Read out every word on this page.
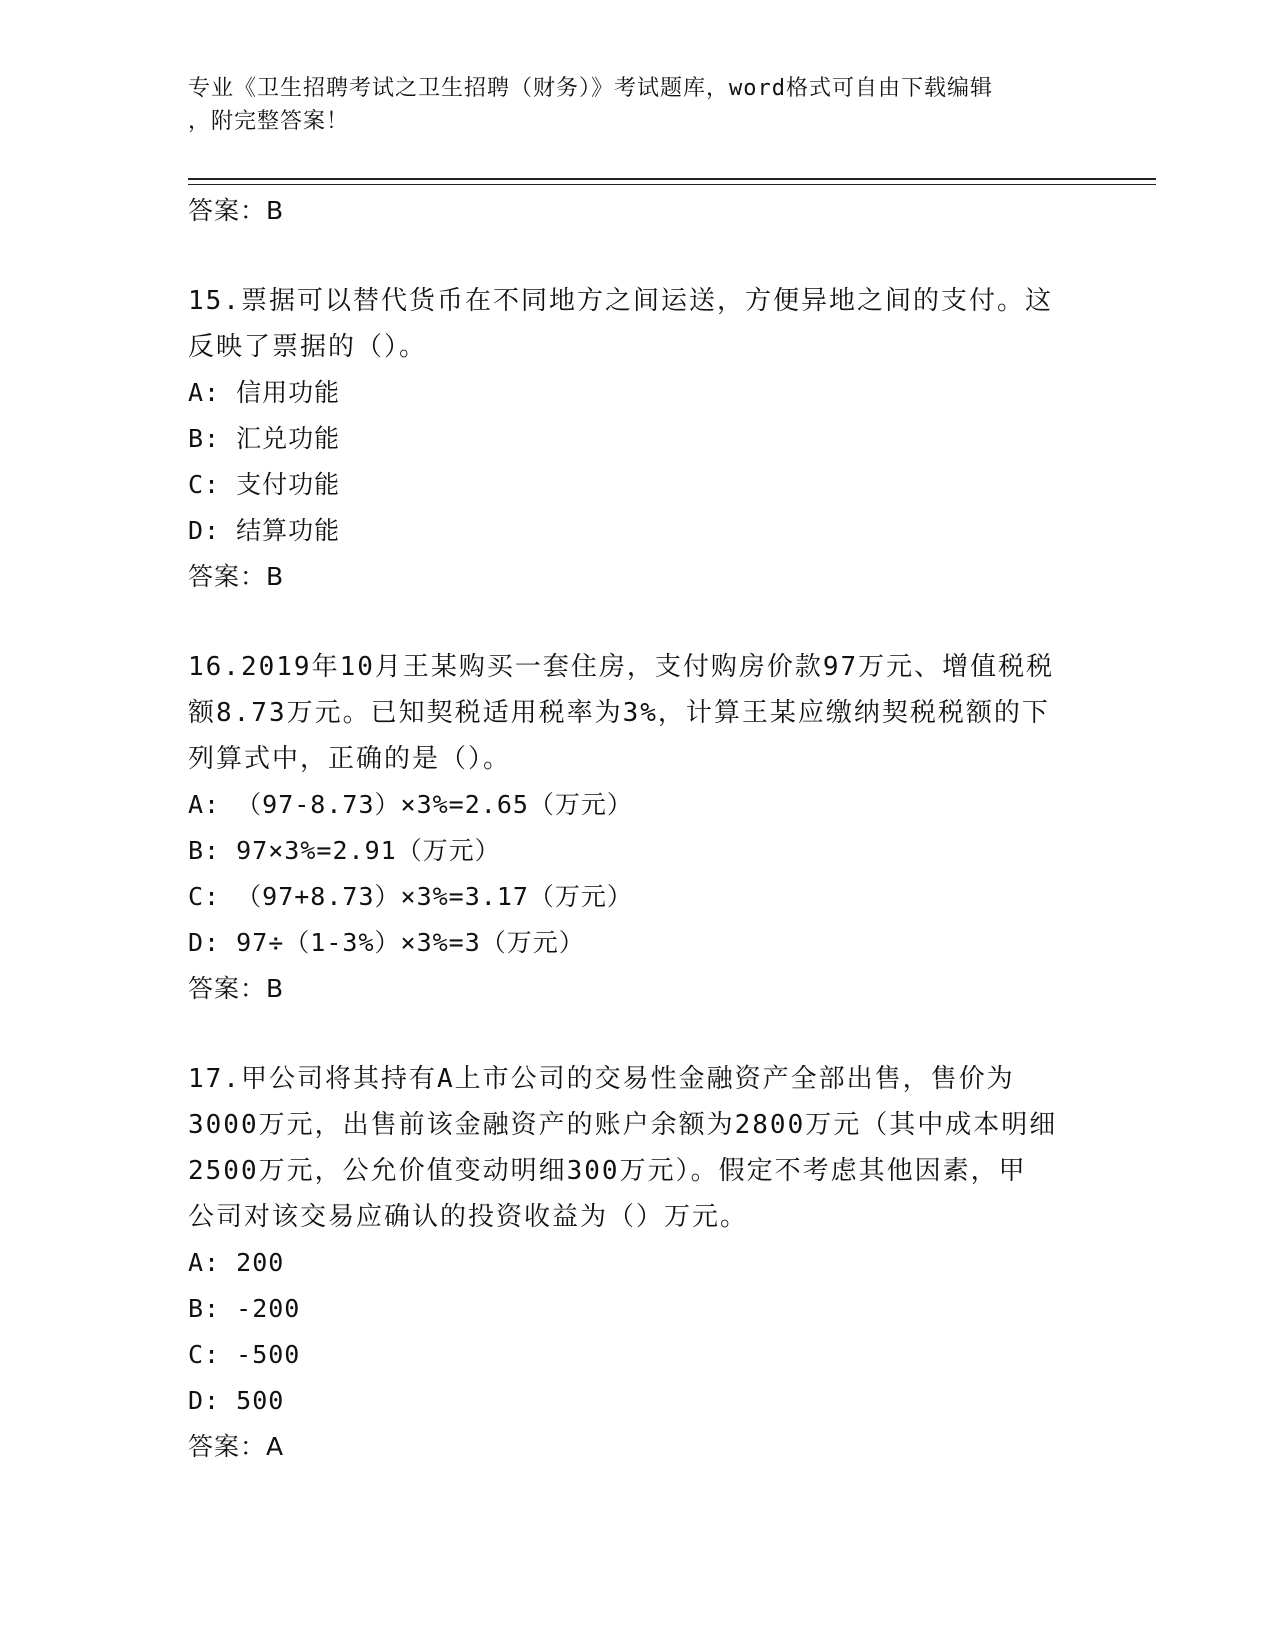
专业《卫生招聘考试之卫生招聘（财务）》考试题库，word格式可自由下载编辑
，附完整答案！
答案：B
15.票据可以替代货币在不同地方之间运送，方便异地之间的支付。这
反映了票据的（）。
A: 信用功能
B: 汇兑功能
C: 支付功能
D: 结算功能
答案：B
16.2019年10月王某购买一套住房，支付购房价款97万元、增值税税
额8.73万元。已知契税适用税率为3%，计算王某应缴纳契税税额的下
列算式中，正确的是（）。
A: （97-8.73）×3%=2.65（万元）
B: 97×3%=2.91（万元）
C: （97+8.73）×3%=3.17（万元）
D: 97÷（1-3%）×3%=3（万元）
答案：B
17.甲公司将其持有A上市公司的交易性金融资产全部出售，售价为
3000万元，出售前该金融资产的账户余额为2800万元（其中成本明细
2500万元，公允价值变动明细300万元）。假定不考虑其他因素，甲
公司对该交易应确认的投资收益为（）万元。
A: 200
B: -200
C: -500
D: 500
答案：A
